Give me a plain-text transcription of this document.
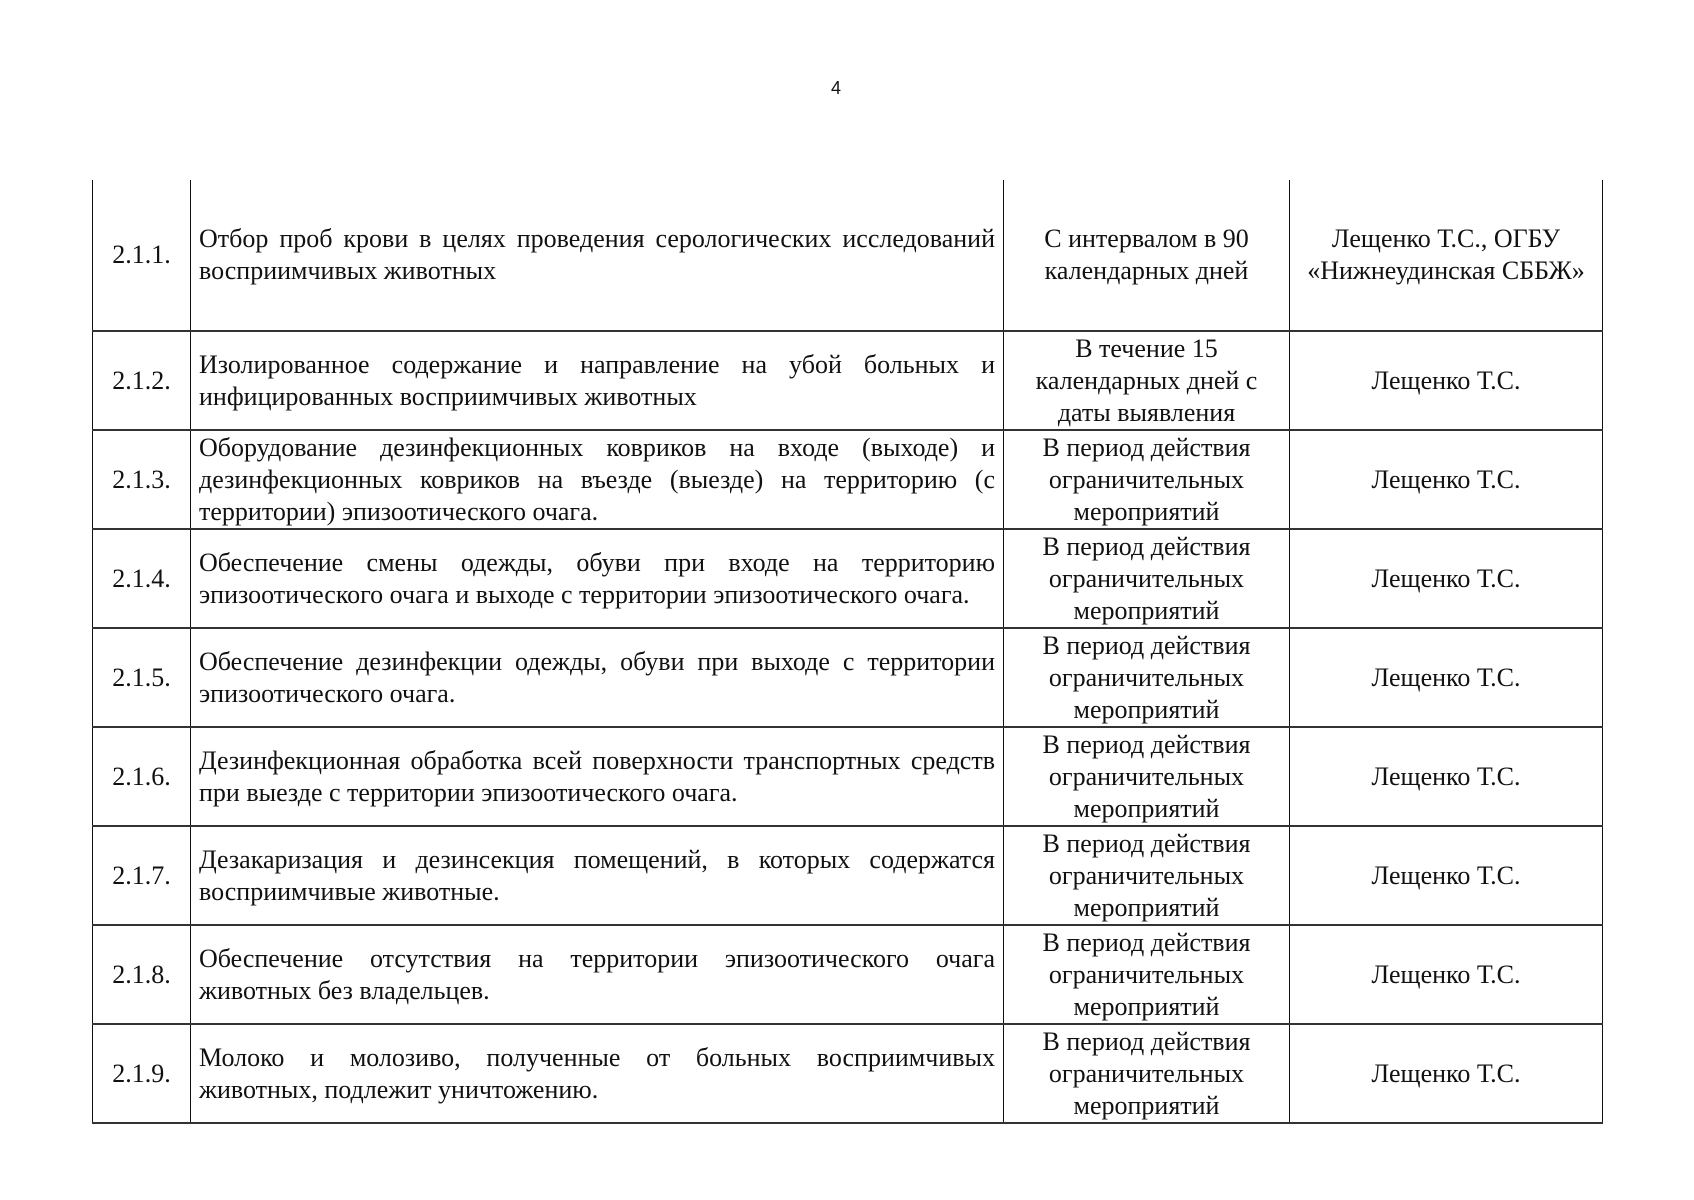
4
2.1.1.	Отбор проб крови в целях проведения серологических исследований восприимчивых животных	С интервалом в 90 календарных дней	Лещенко Т.С., ОГБУ «Нижнеудинская СББЖ»
2.1.2.	Изолированное содержание и направление на убой больных и инфицированных восприимчивых животных	В течение 15 календарных дней с даты выявления	Лещенко Т.С.
2.1.3.	Оборудование дезинфекционных ковриков на входе (выходе) и дезинфекционных ковриков на въезде (выезде) на территорию (с территории) эпизоотического очага.	В период действия ограничительных мероприятий	Лещенко Т.С.
2.1.4.	Обеспечение смены одежды, обуви при входе на территорию эпизоотического очага и выходе с территории эпизоотического очага.	В период действия ограничительных мероприятий	Лещенко Т.С.
2.1.5.	Обеспечение дезинфекции одежды, обуви при выходе с территории эпизоотического очага.	В период действия ограничительных мероприятий	Лещенко Т.С.
2.1.6.	Дезинфекционная обработка всей поверхности транспортных средств при выезде с территории эпизоотического очага.	В период действия ограничительных мероприятий	Лещенко Т.С.
2.1.7.	Дезакаризация и дезинсекция помещений, в которых содержатся восприимчивые животные.	В период действия ограничительных мероприятий	Лещенко Т.С.
2.1.8.	Обеспечение отсутствия на территории эпизоотического очага животных без владельцев.	В период действия ограничительных мероприятий	Лещенко Т.С.
2.1.9.	Молоко и молозиво, полученные от больных восприимчивых животных, подлежит уничтожению.	В период действия ограничительных мероприятий	Лещенко Т.С.
